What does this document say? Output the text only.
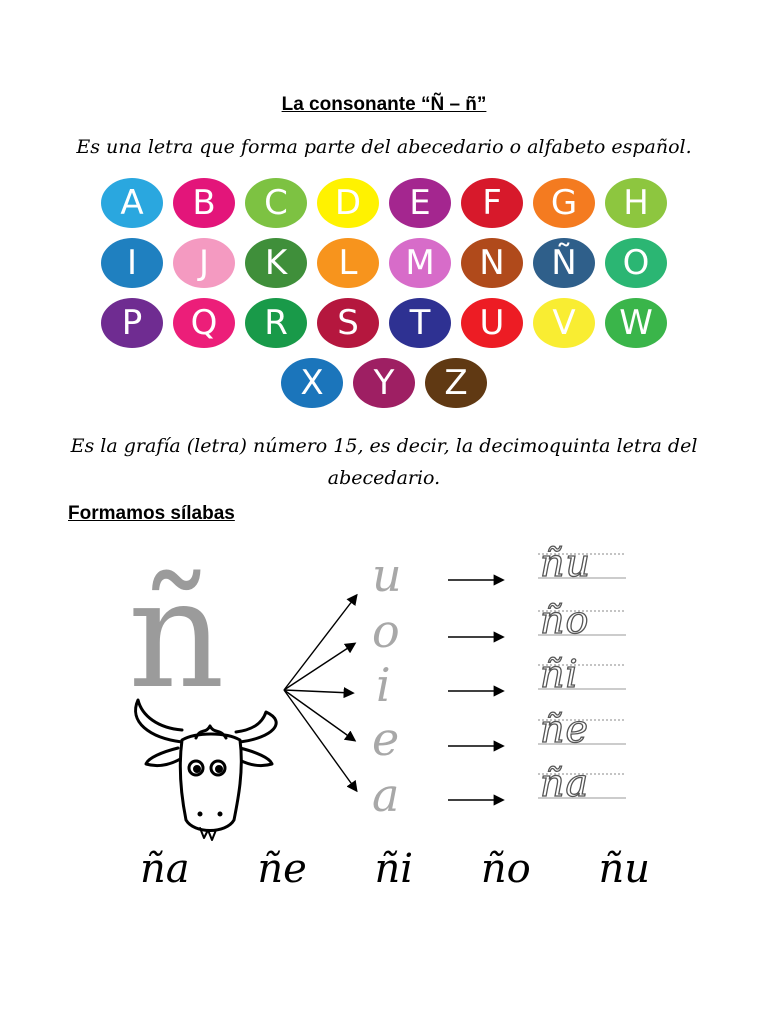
La consonante “Ñ – ñ”
Es una letra que forma parte del abecedario o alfabeto español.
A	B	C	D	E	F	G	H
I	J	K	L	M	N	Ñ	O
P	Q	R	S	T	U	V	W
X	Y	Z
Es la grafía (letra) número 15, es decir, la decimoquinta letra del abecedario.
Formamos sílabas
ñ	u
o
i
e
a
ñu
ño
ñi
ñe
ña
ña ñe ñi ño ñu
